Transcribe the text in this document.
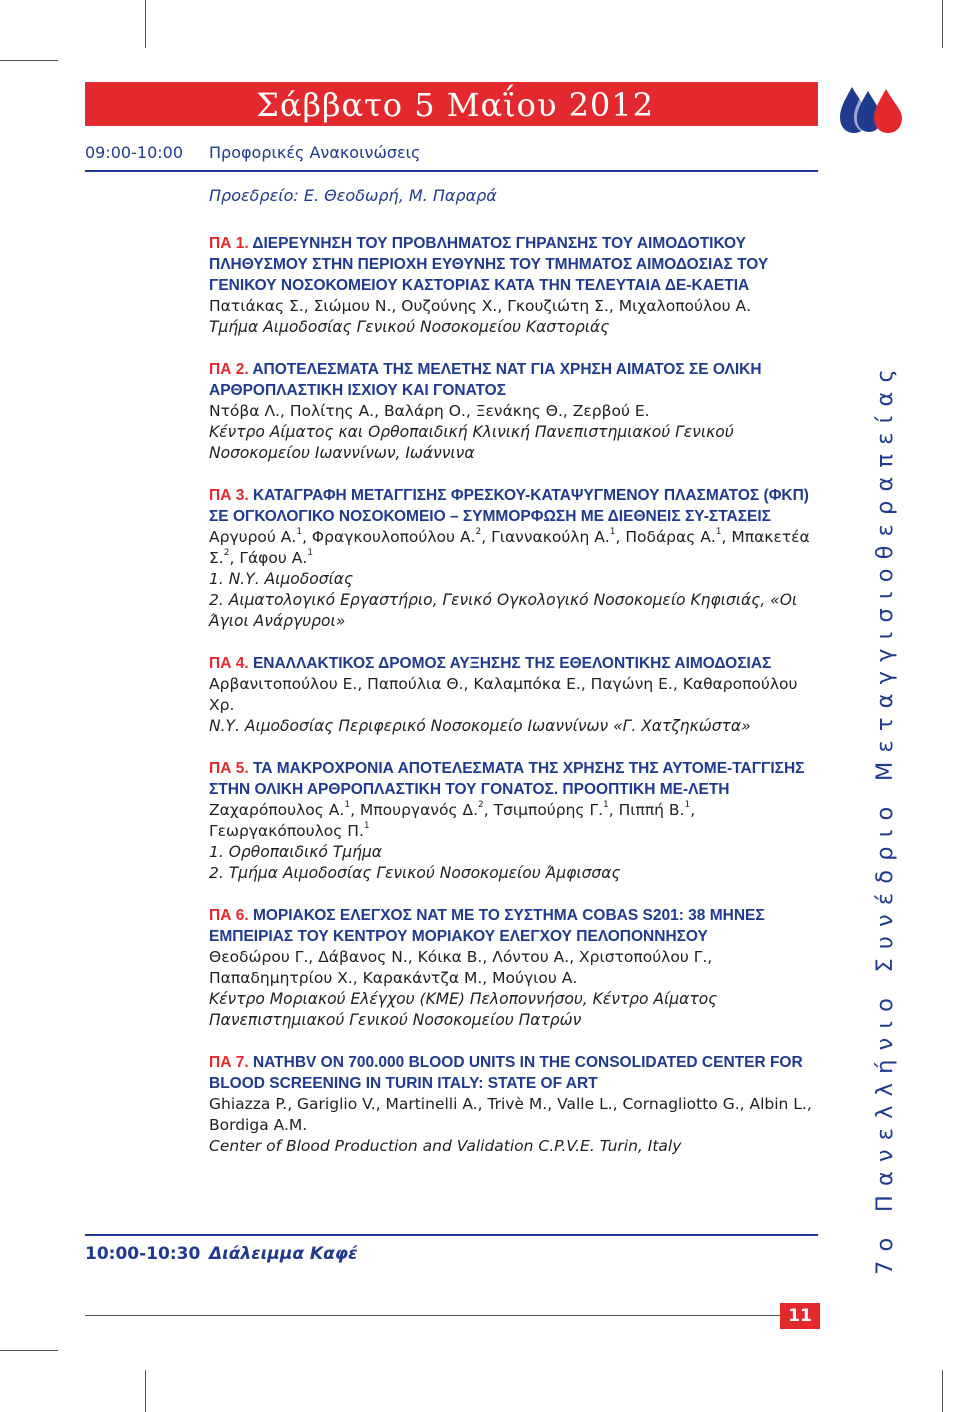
Σάββατο 5 Μαΐου 2012
09:00-10:00 Προφορικές Ανακοινώσεις

Προεδρείο: Ε. Θεοδωρή, Μ. Παραρά

ΠΑ 1. ΔΙΕΡΕΥΝΗΣΗ ΤΟΥ ΠΡΟΒΛΗΜΑΤΟΣ ΓΗΡΑΝΣΗΣ ΤΟΥ ΑΙΜΟΔΟΤΙΚΟΥ ΠΛΗΘΥΣΜΟΥ ΣΤΗΝ ΠΕΡΙΟΧΗ ΕΥΘΥΝΗΣ ΤΟΥ ΤΜΗΜΑΤΟΣ ΑΙΜΟΔΟΣΙΑΣ ΤΟΥ ΓΕΝΙΚΟΥ ΝΟΣΟΚΟΜΕΙΟΥ ΚΑΣΤΟΡΙΑΣ ΚΑΤΑ ΤΗΝ ΤΕΛΕΥΤΑΙΑ ΔΕ-ΚΑΕΤΙΑ

Πατιάκας Σ., Σιώμου Ν., Ουζούνης Χ., Γκουζιώτη Σ., Μιχαλοπούλου Α.

Τμήμα Αιμοδοσίας Γενικού Νοσοκομείου Καστοριάς

ΠΑ 2. ΑΠΟΤΕΛΕΣΜΑΤΑ ΤΗΣ ΜΕΛΕΤΗΣ ΝΑΤ ΓΙΑ ΧΡΗΣΗ ΑΙΜΑΤΟΣ ΣΕ ΟΛΙΚΗ ΑΡΘΡΟΠΛΑΣΤΙΚΗ ΙΣΧΙΟΥ ΚΑΙ ΓΟΝΑΤΟΣ

Ντόβα Λ., Πολίτης Α., Βαλάρη Ο., Ξενάκης Θ., Ζερβού Ε.

Κέντρο Αίματος και Ορθοπαιδική Κλινική Πανεπιστημιακού Γενικού Νοσοκομείου Ιωαννίνων, Ιωάννινα

ΠΑ 3. ΚΑΤΑΓΡΑΦΗ ΜΕΤΑΓΓΙΣΗΣ ΦΡΕΣΚΟΥ-ΚΑΤΑΨΥΓΜΕΝΟΥ ΠΛΑΣΜΑΤΟΣ (ΦΚΠ) ΣΕ ΟΓΚΟΛΟΓΙΚΟ ΝΟΣΟΚΟΜΕΙΟ – ΣΥΜΜΟΡΦΩΣΗ ΜΕ ΔΙΕΘΝΕΙΣ ΣΥ-ΣΤΑΣΕΙΣ

Αργυρού Α.$^1$, Φραγκουλοπούλου Α.$^2$, Γιαννακούλη Α.$^1$, Ποδάρας Α.$^1$, Μπακετέα Σ.$^2$, Γάφου Α.$^1$

1. Ν.Υ. Αιμοδοσίας

2. Αιματολογικό Εργαστήριο, Γενικό Ογκολογικό Νοσοκομείο Κηφισιάς, «Οι Άγιοι Ανάργυροι»

ΠΑ 4. ΕΝΑΛΛΑΚΤΙΚΟΣ ΔΡΟΜΟΣ ΑΥΞΗΣΗΣ ΤΗΣ ΕΘΕΛΟΝΤΙΚΗΣ ΑΙΜΟΔΟΣΙΑΣ

Αρβανιτοπούλου Ε., Παπούλια Θ., Καλαμπόκα Ε., Παγώνη Ε., Καθαροπούλου Χρ.

Ν.Υ. Αιμοδοσίας Περιφερικό Νοσοκομείο Ιωαννίνων «Γ. Χατζηκώστα»

ΠΑ 5. ΤΑ ΜΑΚΡΟΧΡΟΝΙΑ ΑΠΟΤΕΛΕΣΜΑΤΑ ΤΗΣ ΧΡΗΣΗΣ ΤΗΣ ΑΥΤΟΜΕ-ΤΑΓΓΙΣΗΣ ΣΤΗΝ ΟΛΙΚΗ ΑΡΘΡΟΠΛΑΣΤΙΚΗ ΤΟΥ ΓΟΝΑΤΟΣ. ΠΡΟΟΠΤΙΚΗ ΜΕ-ΛΕΤΗ

Ζαχαρόπουλος Α.$^1$, Μπουργανός Δ.$^2$, Τσιμπούρης Γ.$^1$, Πιππή Β.$^1$, Γεωργακόπουλος Π.$^1$

1. Ορθοπαιδικό Τμήμα

2. Τμήμα Αιμοδοσίας Γενικού Νοσοκομείου Άμφισσας

ΠΑ 6. ΜΟΡΙΑΚΟΣ ΕΛΕΓΧΟΣ ΝΑΤ ΜΕ ΤΟ ΣΥΣΤΗΜΑ COBAS S201: 38 ΜΗΝΕΣ ΕΜΠΕΙΡΙΑΣ ΤΟΥ ΚΕΝΤΡΟΥ ΜΟΡΙΑΚΟΥ ΕΛΕΓΧΟΥ ΠΕΛΟΠΟΝΝΗΣΟΥ

Θεοδώρου Γ., Δάβανος Ν., Κόικα Β., Λόντου Α., Χριστοπούλου Γ., Παπαδημητρίου Χ., Καρακάντζα Μ., Μούγιου Α.

Κέντρο Μοριακού Ελέγχου (ΚΜΕ) Πελοποννήσου, Κέντρο Αίματος Πανεπιστημιακού Γενικού Νοσοκομείου Πατρών

ΠΑ 7. NATHBV ON 700.000 BLOOD UNITS IN THE CONSOLIDATED CENTER FOR BLOOD SCREENING IN TURIN ITALY: STATE OF ART

Ghiazza P., Gariglio V., Martinelli A., Trivè M., Valle L., Cornagliotto G., Albin L., Bordiga A.M.

Center of Blood Production and Validation C.P.V.E. Turin, Italy

10:00-10:30 Διάλειμμα Καφέ	7ο Πανελλήνιο Συνέδριο Μεταγγισιοθεραπείας
11
